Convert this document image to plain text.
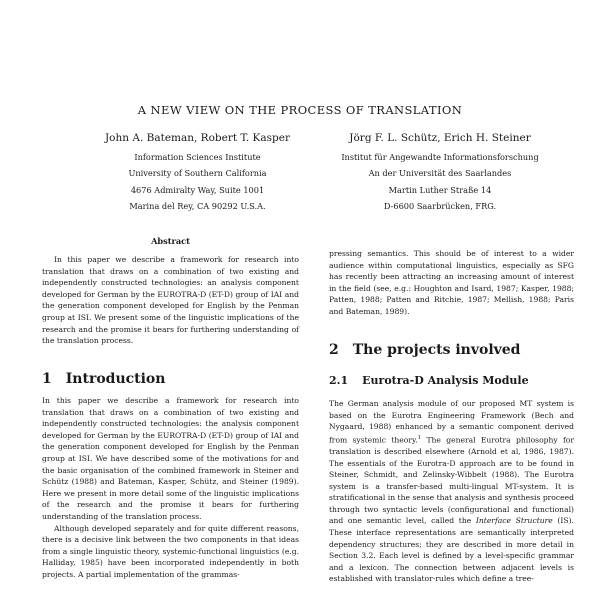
A NEW VIEW ON THE PROCESS OF TRANSLATION
John A. Bateman, Robert T. Kasper
Information Sciences Institute
University of Southern California
4676 Admiralty Way, Suite 1001
Marina del Rey, CA 90292 U.S.A.
Jörg F. L. Schütz, Erich H. Steiner
Institut für Angewandte Informationsforschung
An der Universität des Saarlandes
Martin Luther Straße 14
D-6600 Saarbrücken, FRG.
Abstract

In this paper we describe a framework for research into translation that draws on a combination of two existing and independently constructed technologies: an analysis component developed for German by the EUROTRA-D (ET-D) group of IAI and the generation component developed for English by the Penman group at ISI. We present some of the linguistic implications of the research and the promise it bears for furthering understanding of the translation process.

1 Introduction

In this paper we describe a framework for research into translation that draws on a combination of two existing and independently constructed technologies: the analysis component developed for German by the EUROTRA-D (ET-D) group of IAI and the generation component developed for English by the Penman group at ISI. We have described some of the motivations for and the basic organisation of the combined framework in Steiner and Schütz (1988) and Bateman, Kasper, Schütz, and Steiner (1989). Here we present in more detail some of the linguistic implications of the research and the promise it bears for furthering understanding of the translation process.

Although developed separately and for quite different reasons, there is a decisive link between the two components in that ideas from a single linguistic theory, systemic-functional linguistics (e.g. Halliday, 1985) have been incorporated independently in both projects. A partial implementation of the grammas-

pressing semantics. This should be of interest to a wider audience within computational linguistics, especially as SFG has recently been attracting an increasing amount of interest in the field (see, e.g.: Houghton and Isard, 1987; Kasper, 1988; Patten, 1988; Patten and Ritchie, 1987; Mellish, 1988; Paris and Bateman, 1989).

2 The projects involved
2.1 Eurotra-D Analysis Module

The German analysis module of our proposed MT system is based on the Eurotra Engineering Framework (Bech and Nygaard, 1988) enhanced by a semantic component derived from systemic theory.$^1$ The general Eurotra philosophy for translation is described elsewhere (Arnold et al, 1986, 1987). The essentials of the Eurotra-D approach are to be found in Steiner, Schmidt, and Zelinsky-Wibbelt (1988). The Eurotra system is a transfer-based multi-lingual MT-system. It is stratificational in the sense that analysis and synthesis proceed through two syntactic levels (configurational and functional) and one semantic level, called the Interface Structure (IS). These interface representations are semantically interpreted dependency structures; they are described in more detail in Section 3.2. Each level is defined by a level-specific grammar and a lexicon. The connection between adjacent levels is established with translator-rules which define a tree-
